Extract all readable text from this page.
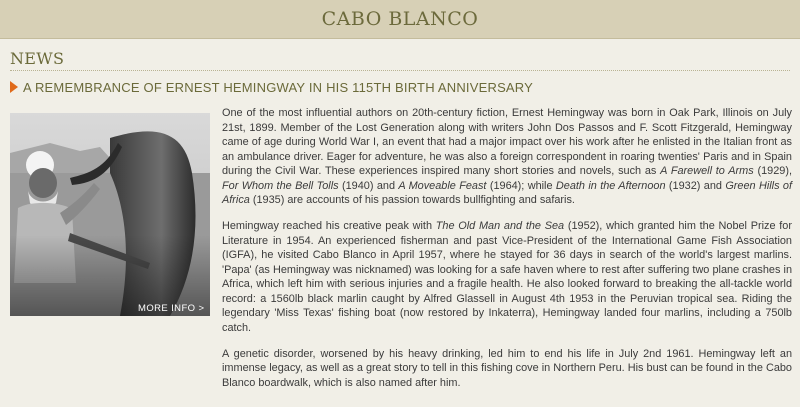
CABO BLANCO
NEWS
A REMEMBRANCE OF ERNEST HEMINGWAY IN HIS 115TH BIRTH ANNIVERSARY
MORE INFO >

One of the most influential authors on 20th-century fiction, Ernest Hemingway was born in Oak Park, Illinois on July 21st, 1899. Member of the Lost Generation along with writers John Dos Passos and F. Scott Fitzgerald, Hemingway came of age during World War I, an event that had a major impact over his work after he enlisted in the Italian front as an ambulance driver. Eager for adventure, he was also a foreign correspondent in roaring twenties' Paris and in Spain during the Civil War. These experiences inspired many short stories and novels, such as A Farewell to Arms (1929), For Whom the Bell Tolls (1940) and A Moveable Feast (1964); while Death in the Afternoon (1932) and Green Hills of Africa (1935) are accounts of his passion towards bullfighting and safaris.

Hemingway reached his creative peak with The Old Man and the Sea (1952), which granted him the Nobel Prize for Literature in 1954. An experienced fisherman and past Vice-President of the International Game Fish Association (IGFA), he visited Cabo Blanco in April 1957, where he stayed for 36 days in search of the world's largest marlins. 'Papa' (as Hemingway was nicknamed) was looking for a safe haven where to rest after suffering two plane crashes in Africa, which left him with serious injuries and a fragile health. He also looked forward to breaking the all-tackle world record: a 1560lb black marlin caught by Alfred Glassell in August 4th 1953 in the Peruvian tropical sea. Riding the legendary 'Miss Texas' fishing boat (now restored by Inkaterra), Hemingway landed four marlins, including a 750lb catch.

A genetic disorder, worsened by his heavy drinking, led him to end his life in July 2nd 1961. Hemingway left an immense legacy, as well as a great story to tell in this fishing cove in Northern Peru. His bust can be found in the Cabo Blanco boardwalk, which is also named after him.
